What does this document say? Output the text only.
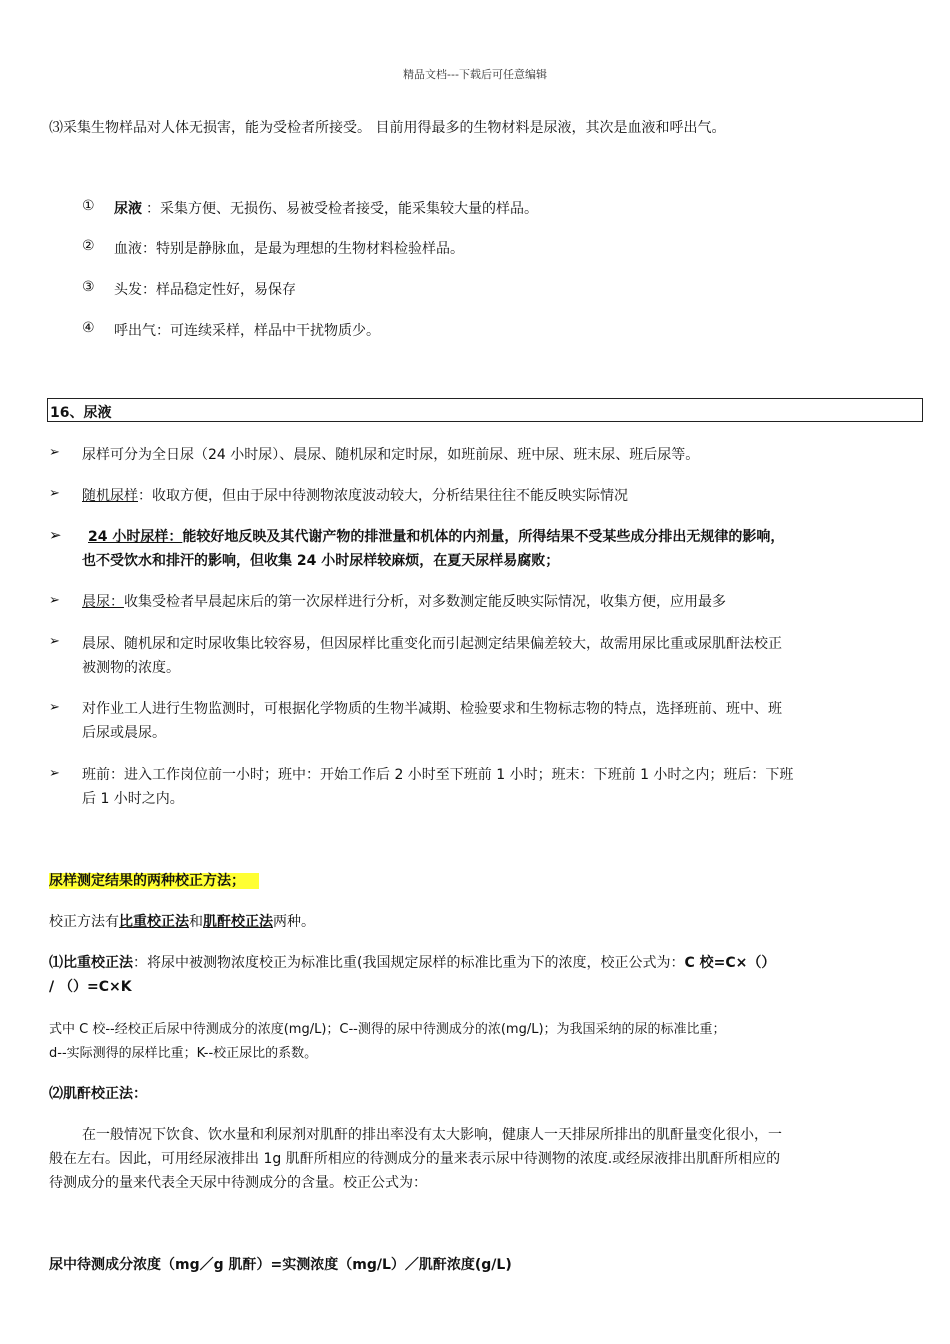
精品文档---下载后可任意编辑
⑶采集生物样品对人体无损害，能为受检者所接受。 目前用得最多的生物材料是尿液，其次是血液和呼出气。
①	尿液 ：采集方便、无损伤、易被受检者接受，能采集较大量的样品。
②	血液 ：特别是静脉血，是最为理想的生物材料检验样品。
③	头发 ：样品稳定性好，易保存
④	呼出气 ：可连续采样，样品中干扰物质少。
16、尿液
➢ 尿样可分为全日尿（24 小时尿）、晨尿、随机尿和定时尿，如班前尿、班中尿、班末尿、班后尿等。
➢ 随机尿样：收取方便，但由于尿中待测物浓度波动较大，分析结果往往不能反映实际情况
➢ 24 小时尿样：能较好地反映及其代谢产物的排泄量和机体的内剂量，所得结果不受某些成分排出无规律的影响，
也不受饮水和排汗的影响，但收集 24 小时尿样较麻烦，在夏天尿样易腐败；
➢ 晨尿：收集受检者早晨起床后的第一次尿样进行分析，对多数测定能反映实际情况，收集方便，应用最多
➢ 晨尿、随机尿和定时尿收集比较容易，但因尿样比重变化而引起测定结果偏差较大，故需用尿比重或尿肌酐法校正
被测物的浓度。
➢ 对作业工人进行生物监测时，可根据化学物质的生物半减期、检验要求和生物标志物的特点，选择班前、班中、班
后尿或晨尿。
➢ 班前：进入工作岗位前一小时；班中：开始工作后 2 小时至下班前 1 小时；班末：下班前 1 小时之内；班后：下班
后 1 小时之内。
尿样测定结果的两种校正方法；
校正方法有比重校正法和肌酐校正法两种。
⑴比重校正法：将尿中被测物浓度校正为标准比重(我国规定尿样的标准比重为下的浓度，校正公式为：C 校=C×（）
/ （）=C×K
式中 C 校--经校正后尿中待测成分的浓度(mg/L)；C--测得的尿中待测成分的浓(mg/L)；为我国采纳的尿的标准比重；
d--实际测得的尿样比重；K--校正尿比的系数。
⑵肌酐校正法：
在一般情况下饮食、饮水量和利尿剂对肌酐的排出率没有太大影响，健康人一天排尿所排出的肌酐量变化很小，一
般在左右。因此，可用经尿液排出 1g 肌酐所相应的待测成分的量来表示尿中待测物的浓度.或经尿液排出肌酐所相应的
待测成分的量来代表全天尿中待测成分的含量。校正公式为：
尿中待测成分浓度（mg／g 肌酐）=实测浓度（mg/L）／肌酐浓度(g/L)
